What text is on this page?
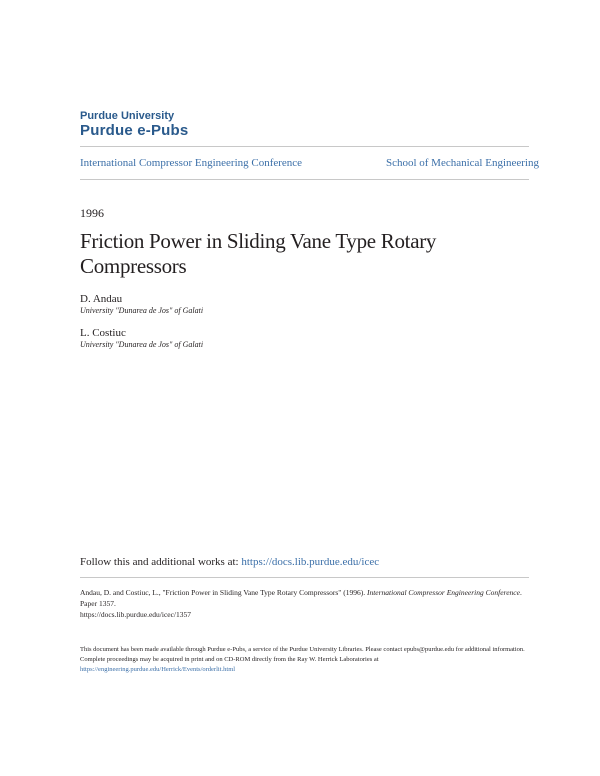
Purdue University
Purdue e-Pubs
International Compressor Engineering Conference	School of Mechanical Engineering
1996
Friction Power in Sliding Vane Type Rotary Compressors
D. Andau
University "Dunarea de Jos" of Galati
L. Costiuc
University "Dunarea de Jos" of Galati
Follow this and additional works at: https://docs.lib.purdue.edu/icec
Andau, D. and Costiuc, L., "Friction Power in Sliding Vane Type Rotary Compressors" (1996). International Compressor Engineering Conference. Paper 1357.
https://docs.lib.purdue.edu/icec/1357
This document has been made available through Purdue e-Pubs, a service of the Purdue University Libraries. Please contact epubs@purdue.edu for additional information.
Complete proceedings may be acquired in print and on CD-ROM directly from the Ray W. Herrick Laboratories at https://engineering.purdue.edu/Herrick/Events/orderlit.html
